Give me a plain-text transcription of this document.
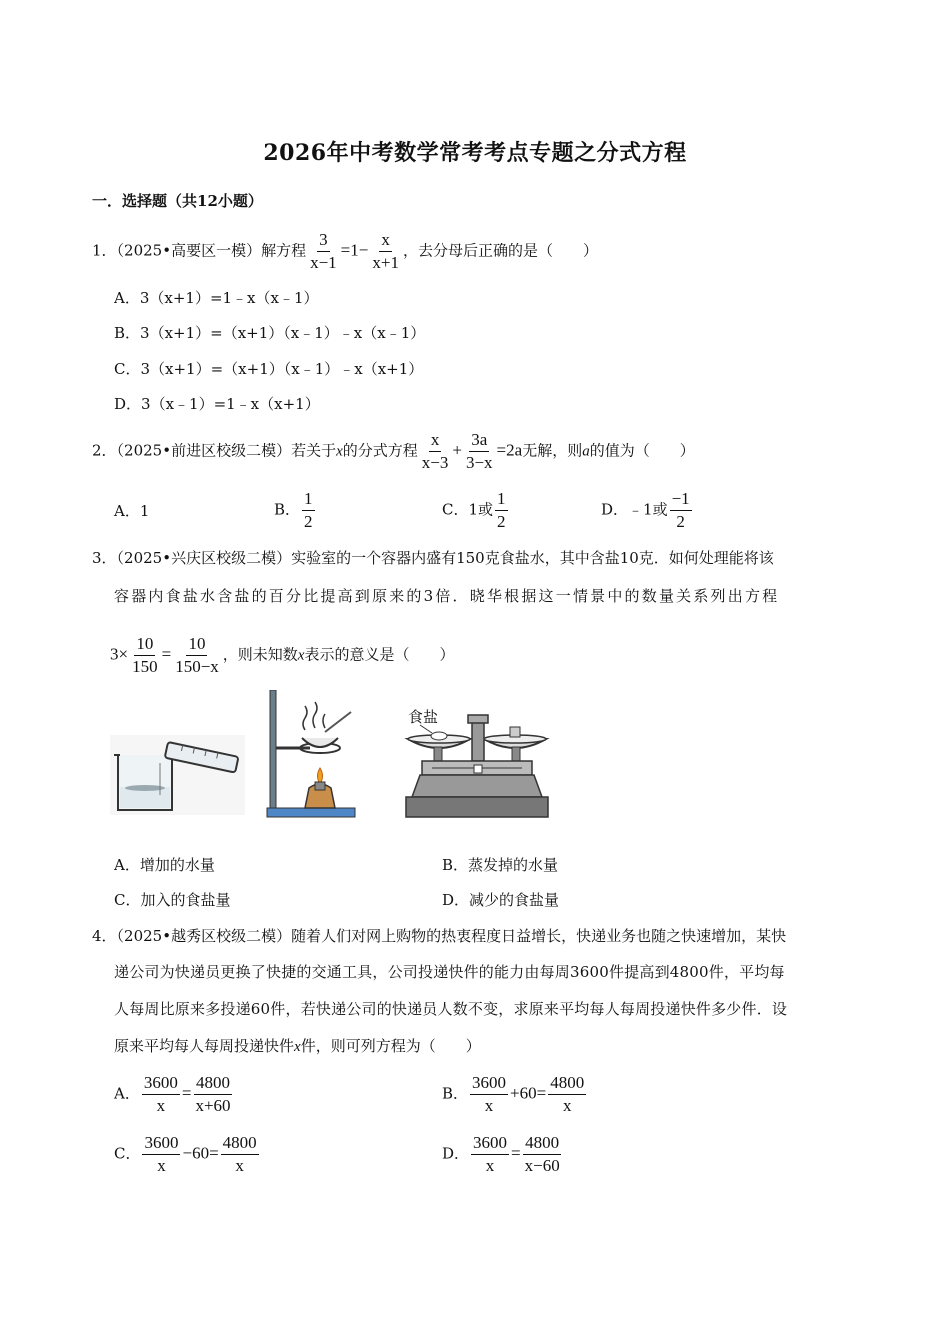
2026年中考数学常考考点专题之分式方程
一．选择题（共12小题）
1．（2025•高要区一模）解方程 $\frac{3}{x-1} =1- \frac{x}{x+1}$ ，去分母后正确的是（　　）
A．3（x+1）=1﹣x（x﹣1）
B．3（x+1）=（x+1）（x﹣1）﹣x（x﹣1）
C．3（x+1）=（x+1）（x﹣1）﹣x（x+1）
D．3（x﹣1）=1﹣x（x+1）
2．（2025•前进区校级二模）若关于x的分式方程 $\frac{x}{x-3} + \frac{3a}{3-x} =2a$无解，则a的值为（　　）
A．1	B． $\frac{1}{2}$	C．1或 $\frac{1}{2}$	D．﹣1或 $\frac{-1}{2}$
3．（2025•兴庆区校级二模）实验室的一个容器内盛有150克食盐水，其中含盐10克．如何处理能将该
容器内食盐水含盐的百分比提高到原来的3倍．晓华根据这一情景中的数量关系列出方程
$3\times \frac{10}{150} = \frac{10}{150-x}$ ，则未知数x表示的意义是（　　）
食盐
A．增加的水量	B．蒸发掉的水量
C．加入的食盐量	D．减少的食盐量
4．（2025•越秀区校级二模）随着人们对网上购物的热衷程度日益增长，快递业务也随之快速增加，某快
递公司为快递员更换了快捷的交通工具，公司投递快件的能力由每周3600件提高到4800件，平均每
人每周比原来多投递60件，若快递公司的快递员人数不变，求原来平均每人每周投递快件多少件．设
原来平均每人每周投递快件x件，则可列方程为（　　）
A． $\frac{3600}{x} = \frac{4800}{x+60}$	B． $\frac{3600}{x} +60= \frac{4800}{x}$
C． $\frac{3600}{x} -60= \frac{4800}{x}$	D． $\frac{3600}{x} = \frac{4800}{x-60}$
